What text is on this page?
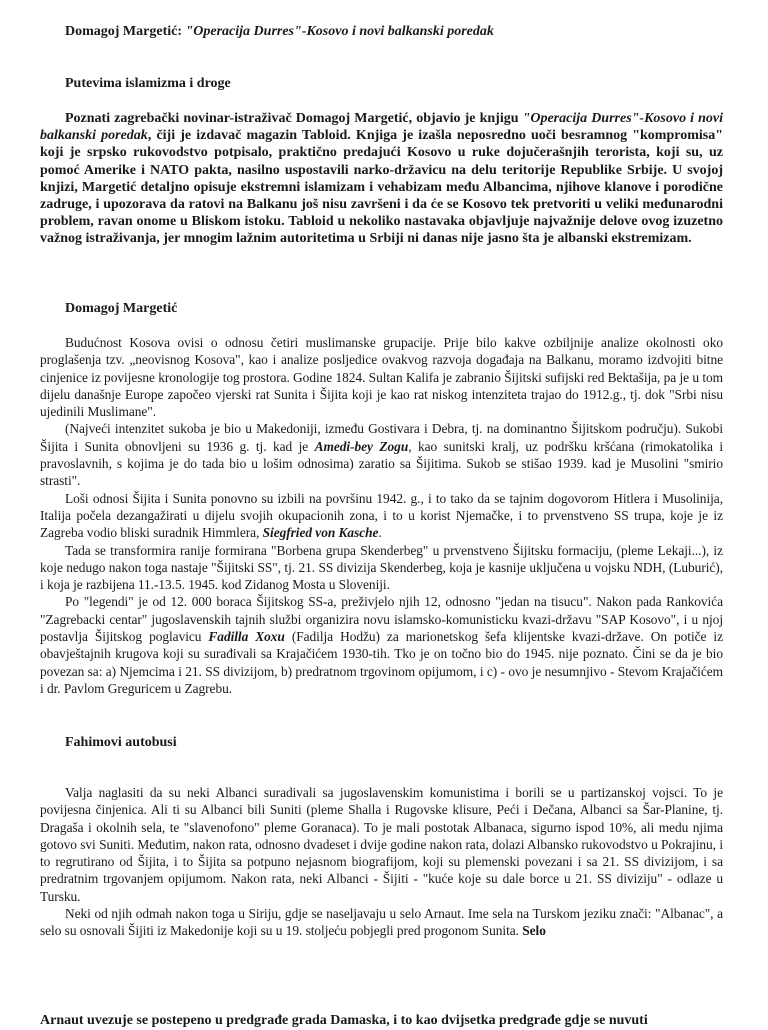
Domagoj Margetić: "Operacija Durres"-Kosovo i novi balkanski poredak
Putevima islamizma i droge

Poznati zagrebački novinar-istraživač Domagoj Margetić, objavio je knjigu "Operacija Durres"-Kosovo i novi balkanski poredak, čiji je izdavač magazin Tabloid. Knjiga je izašla neposredno uoči besramnog "kompromisa" koji je srpsko rukovodstvo potpisalo, praktično predajući Kosovo u ruke dojučerašnjih terorista, koji su, uz pomoć Amerike i NATO pakta, nasilno uspostavili narko-državicu na delu teritorije Republike Srbije. U svojoj knjizi, Margetić detaljno opisuje ekstremni islamizam i vehabizam među Albancima, njihove klanove i porodične zadruge, i upozorava da ratovi na Balkanu još nisu završeni i da će se Kosovo tek pretvoriti u veliki međunarodni problem, ravan onome u Bliskom istoku. Tabloid u nekoliko nastavaka objavljuje najvažnije delove ovog izuzetno važnog istraživanja, jer mnogim lažnim autoritetima u Srbiji ni danas nije jasno šta je albanski ekstremizam.

Domagoj Margetić

Budućnost Kosova ovisi o odnosu četiri muslimanske grupacije. Prije bilo kakve ozbiljnije analize okolnosti oko proglašenja tzv. „neovisnog Kosova", kao i analize posljedice ovakvog razvoja događaja na Balkanu, moramo izdvojiti bitne cinjenice iz povijesne kronologije tog prostora. Godine 1824. Sultan Kalifa je zabranio Šijitski sufijski red Bektašija, pa je u tom dijelu današnje Europe započeo vjerski rat Sunita i Šijita koji je kao rat niskog intenziteta trajao do 1912.g., tj. dok "Srbi nisu ujedinili Muslimane".

(Najveći intenzitet sukoba je bio u Makedoniji, između Gostivara i Debra, tj. na dominantno Šijitskom području). Sukobi Šijita i Sunita obnovljeni su 1936 g. tj. kad je Amedi-bey Zogu, kao sunitski kralj, uz podršku kršćana (rimokatolika i pravoslavnih, s kojima je do tada bio u lošim odnosima) zaratio sa Šijitima. Sukob se stišao 1939. kad je Musolini "smirio strasti".

Loši odnosi Šijita i Sunita ponovno su izbili na površinu 1942. g., i to tako da se tajnim dogovorom Hitlera i Musolinija, Italija počela dezangažirati u dijelu svojih okupacionih zona, i to u korist Njemačke, i to prvenstveno SS trupa, koje je iz Zagreba vodio bliski suradnik Himmlera, Siegfried von Kasche.

Tada se transformira ranije formirana "Borbena grupa Skenderbeg" u prvenstveno Šijitsku formaciju, (pleme Lekaji...), iz koje nedugo nakon toga nastaje "Šijitski SS", tj. 21. SS divizija Skenderbeg, koja je kasnije uključena u vojsku NDH, (Luburić), i koja je razbijena 11.-13.5. 1945. kod Zidanog Mosta u Sloveniji.

Po "legendi" je od 12. 000 boraca Šijitskog SS-a, preživjelo njih 12, odnosno "jedan na tisucu". Nakon pada Rankovića "Zagrebacki centar" jugoslavenskih tajnih službi organizira novu islamsko-komunisticku kvazi-državu "SAP Kosovo", i u njoj postavlja Šijitskog poglavicu Fadilla Xoxu (Fadilja Hodžu) za marionetskog šefa klijentske kvazi-države. On potiče iz obavještajnih krugova koji su surađivali sa Krajačićem 1930-tih. Tko je on točno bio do 1945. nije poznato. Čini se da je bio povezan sa: a) Njemcima i 21. SS divizijom, b) predratnom trgovinom opijumom, i c) - ovo je nesumnjivo - Stevom Krajačićem i dr. Pavlom Greguricem u Zagrebu.

Fahimovi autobusi

Valja naglasiti da su neki Albanci suradivali sa jugoslavenskim komunistima i borili se u partizanskoj vojsci. To je povijesna činjenica. Ali ti su Albanci bili Suniti (pleme Shalla i Rugovske klisure, Peći i Dečana, Albanci sa Šar-Planine, tj. Dragaša i okolnih sela, te "slavenofono" pleme Goranaca). To je mali postotak Albanaca, sigurno ispod 10%, ali medu njima gotovo svi Suniti. Međutim, nakon rata, odnosno dvadeset i dvije godine nakon rata, dolazi Albansko rukovodstvo u Pokrajinu, i to regrutirano od Šijita, i to Šijita sa potpuno nejasnom biografijom, koji su plemenski povezani i sa 21. SS divizijom, i sa predratnim trgovanjem opijumom. Nakon rata, neki Albanci - Šijiti - "kuće koje su dale borce u 21. SS diviziju" - odlaze u Tursku.

Neki od njih odmah nakon toga u Siriju, gdje se naseljavaju u selo Arnaut. Ime sela na Turskom jeziku znači: "Albanac", a selo su osnovali Šijiti iz Makedonije koji su u 19. stoljeću pobjegli pred progonom Sunita. Selo

Arnaut uvezuje se postepeno u predgrađe grada Damaska, i to kao dvijsetka predgrađe gdje se nuvuti
